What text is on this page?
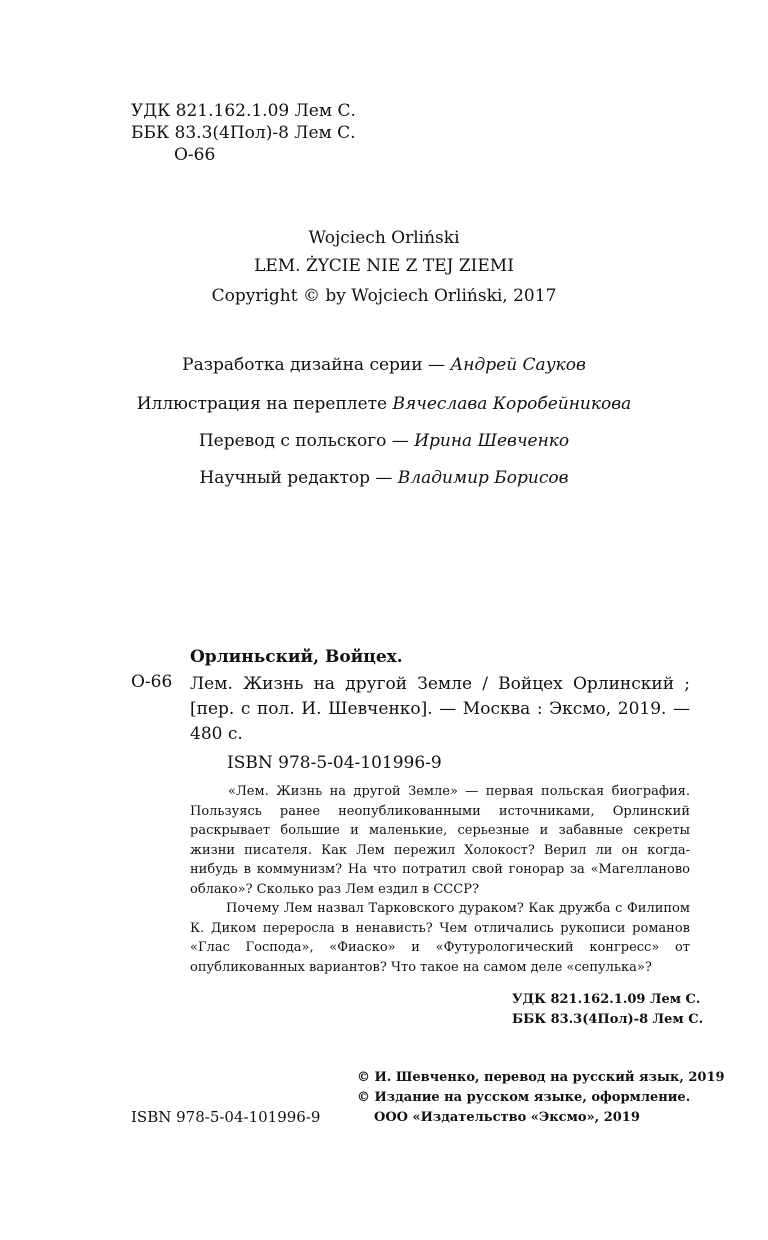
УДК 821.162.1.09 Лем С.
ББК 83.3(4Пол)-8 Лем С.
О-66
Wojciech Orliński
LEM. ŻYCIE NIE Z TEJ ZIEMI
Copyright © by Wojciech Orliński, 2017
Разработка дизайна серии — Андрей Сауков
Иллюстрация на переплете Вячеслава Коробейникова
Перевод с польского — Ирина Шевченко
Научный редактор — Владимир Борисов
Орлиньский, Войцех.
О-66 Лем. Жизнь на другой Земле / Войцех Орлинский ; [пер. с пол. И. Шевченко]. — Москва : Эксмо, 2019. — 480 с.
ISBN 978-5-04-101996-9

«Лем. Жизнь на другой Земле» — первая польская биография. Пользуясь ранее неопубликованными источниками, Орлинский раскрывает большие и маленькие, серьезные и забавные секреты жизни писателя. Как Лем пережил Холокост? Верил ли он когда-нибудь в коммунизм? На что потратил свой гонорар за «Магелланово облако»? Сколько раз Лем ездил в СССР?

Почему Лем назвал Тарковского дураком? Как дружба с Филипом К. Диком переросла в ненависть? Чем отличались рукописи романов «Глас Господа», «Фиаско» и «Футурологический конгресс» от опубликованных вариантов? Что такое на самом деле «сепулька»?

УДК 821.162.1.09 Лем С.
ББК 83.3(4Пол)-8 Лем С.
© И. Шевченко, перевод на русский язык, 2019
© Издание на русском языке, оформление.
ООО «Издательство «Эксмо», 2019
ISBN 978-5-04-101996-9
